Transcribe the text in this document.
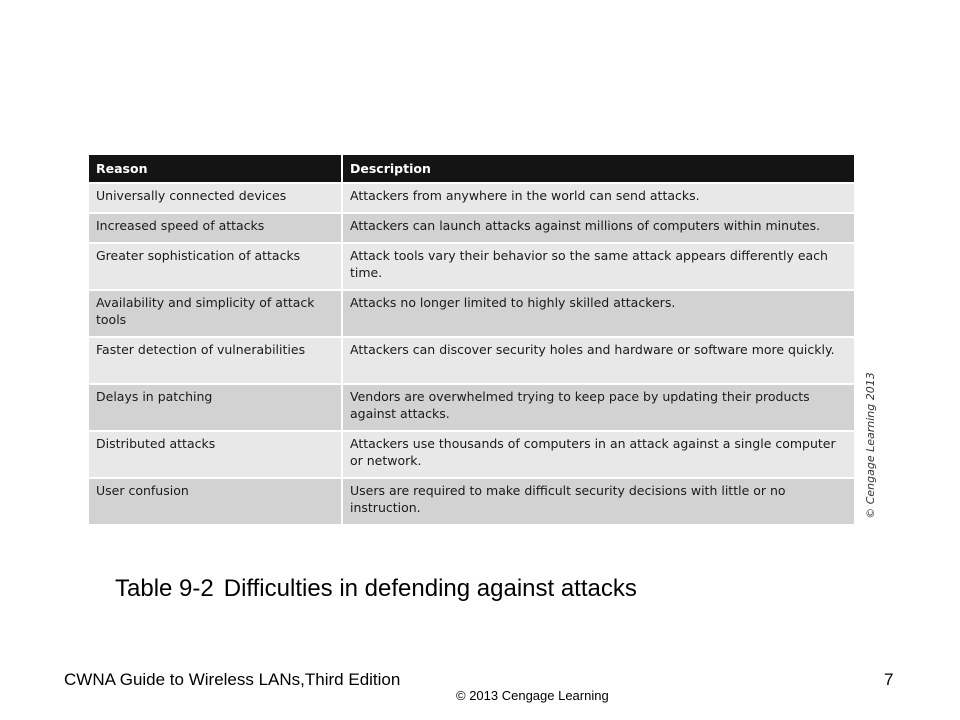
Reason	Description
Universally connected devices	Attackers from anywhere in the world can send attacks.
Increased speed of attacks	Attackers can launch attacks against millions of computers within minutes.
Greater sophistication of attacks	Attack tools vary their behavior so the same attack appears differently each time.
Availability and simplicity of attack tools	Attacks no longer limited to highly skilled attackers.
Faster detection of vulnerabilities	Attackers can discover security holes and hardware or software more quickly.
Delays in patching	Vendors are overwhelmed trying to keep pace by updating their products against attacks.
Distributed attacks	Attackers use thousands of computers in an attack against a single computer or network.
User confusion	Users are required to make difficult security decisions with little or no instruction.	© Cengage Learning 2013
Table 9-2 Difficulties in defending against attacks
CWNA Guide to Wireless LANs,Third Edition
© 2013 Cengage Learning
7
